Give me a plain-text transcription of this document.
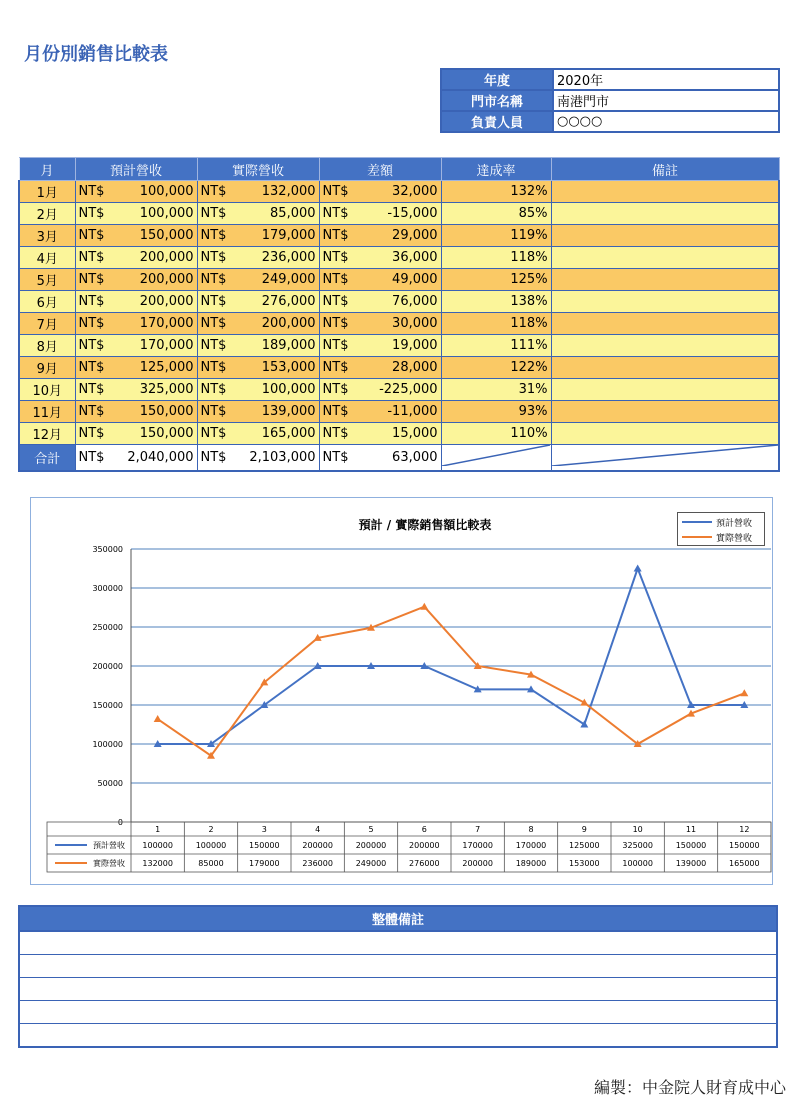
月份別銷售比較表
年度	2020年
門市名稱	南港門市
負責人員	○○○○
月	預計營收		實際營收		差額		達成率	備註
1月	NT$	100,000	NT$	132,000	NT$	32,000	132%	
2月	NT$	100,000	NT$	85,000	NT$	-15,000	85%	
3月	NT$	150,000	NT$	179,000	NT$	29,000	119%	
4月	NT$	200,000	NT$	236,000	NT$	36,000	118%	
5月	NT$	200,000	NT$	249,000	NT$	49,000	125%	
6月	NT$	200,000	NT$	276,000	NT$	76,000	138%	
7月	NT$	170,000	NT$	200,000	NT$	30,000	118%	
8月	NT$	170,000	NT$	189,000	NT$	19,000	111%	
9月	NT$	125,000	NT$	153,000	NT$	28,000	122%	
10月	NT$	325,000	NT$	100,000	NT$	-225,000	31%	
11月	NT$	150,000	NT$	139,000	NT$	-11,000	93%	
12月	NT$	150,000	NT$	165,000	NT$	15,000	110%	
合計	NT$	2,040,000	NT$	2,103,000	NT$	63,000		
預計 / 實際銷售額比較表
0
50000
100000
150000
200000
250000
300000
350000
1	2	3	4	5	6	7	8	9	10	11	12
預計營收 100000	100000	150000	200000	200000	200000	170000	170000	125000	325000	150000	150000
實際營收 132000	85000	179000	236000	249000	276000	200000	189000	153000	100000	139000	165000
預計營收
實際營收
整體備註

編製：中金院人財育成中心
